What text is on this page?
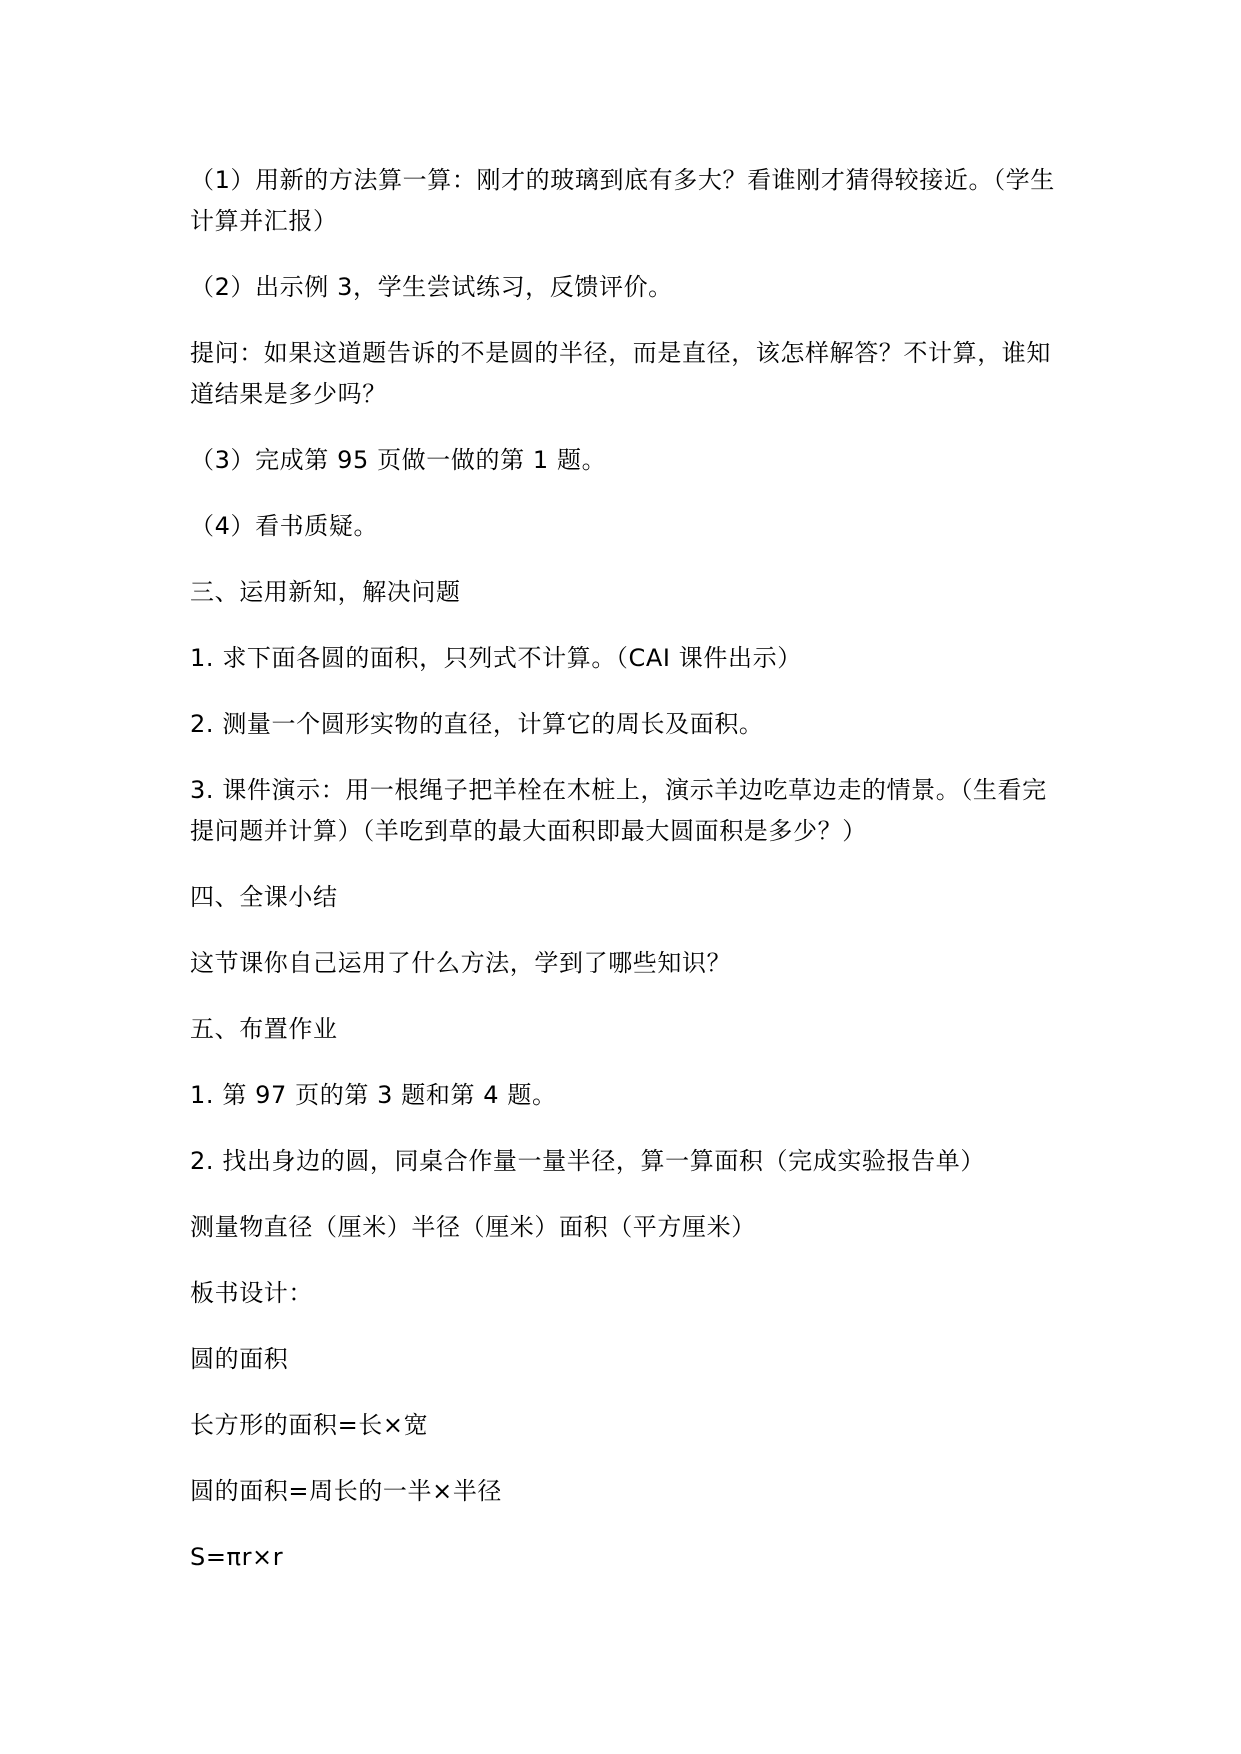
（1）用新的方法算一算：刚才的玻璃到底有多大？看谁刚才猜得较接近。（学生计算并汇报）

（2）出示例 3，学生尝试练习，反馈评价。

提问：如果这道题告诉的不是圆的半径，而是直径，该怎样解答？不计算，谁知道结果是多少吗？

（3）完成第 95 页做一做的第 1 题。

（4）看书质疑。

三、运用新知，解决问题

1. 求下面各圆的面积，只列式不计算。（CAI 课件出示）

2. 测量一个圆形实物的直径，计算它的周长及面积。

3. 课件演示：用一根绳子把羊栓在木桩上，演示羊边吃草边走的情景。（生看完提问题并计算）（羊吃到草的最大面积即最大圆面积是多少？）

四、全课小结

这节课你自己运用了什么方法，学到了哪些知识？

五、布置作业

1. 第 97 页的第 3 题和第 4 题。

2. 找出身边的圆，同桌合作量一量半径，算一算面积（完成实验报告单）

测量物直径（厘米）半径（厘米）面积（平方厘米）

板书设计：

圆的面积

长方形的面积=长×宽

圆的面积=周长的一半×半径

S=πr×r
